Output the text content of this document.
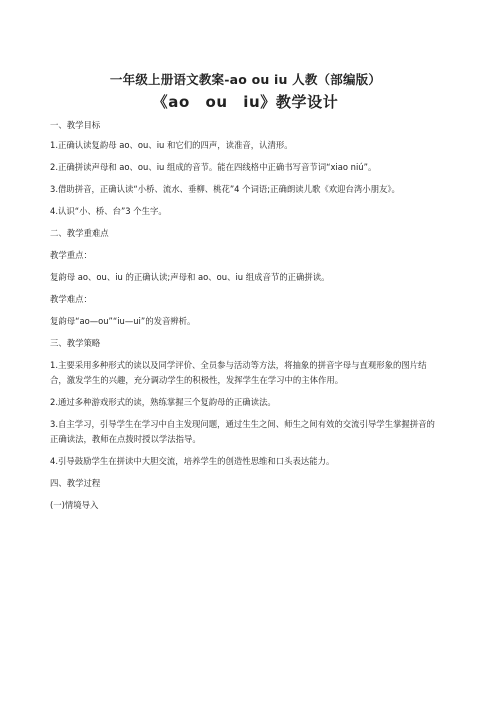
一年级上册语文教案-ao ou iu 人教（部编版）
《ao　ou　iu》教学设计

一、教学目标

1.正确认读复韵母 ao、ou、iu 和它们的四声，读准音，认清形。

2.正确拼读声母和 ao、ou、iu 组成的音节。能在四线格中正确书写音节词“xiao niú”。

3.借助拼音，正确认读“小桥、流水、垂柳、桃花”4 个词语;正确朗读儿歌《欢迎台湾小朋友》。

4.认识“小、桥、台”3 个生字。

二、教学重难点

教学重点：

复韵母 ao、ou、iu 的正确认读;声母和 ao、ou、iu 组成音节的正确拼读。

教学难点：

复韵母“ao—ou”“iu—ui”的发音辨析。

三、教学策略

1.主要采用多种形式的读以及同学评价、全员参与活动等方法，将抽象的拼音字母与直观形象的图片结合，激发学生的兴趣，充分调动学生的积极性，发挥学生在学习中的主体作用。

2.通过多种游戏形式的读，熟练掌握三个复韵母的正确读法。

3.自主学习，引导学生在学习中自主发现问题，通过生生之间、师生之间有效的交流引导学生掌握拼音的正确读法，教师在点拨时授以学法指导。

4.引导鼓励学生在拼读中大胆交流，培养学生的创造性思维和口头表达能力。

四、教学过程

(一)情境导入
